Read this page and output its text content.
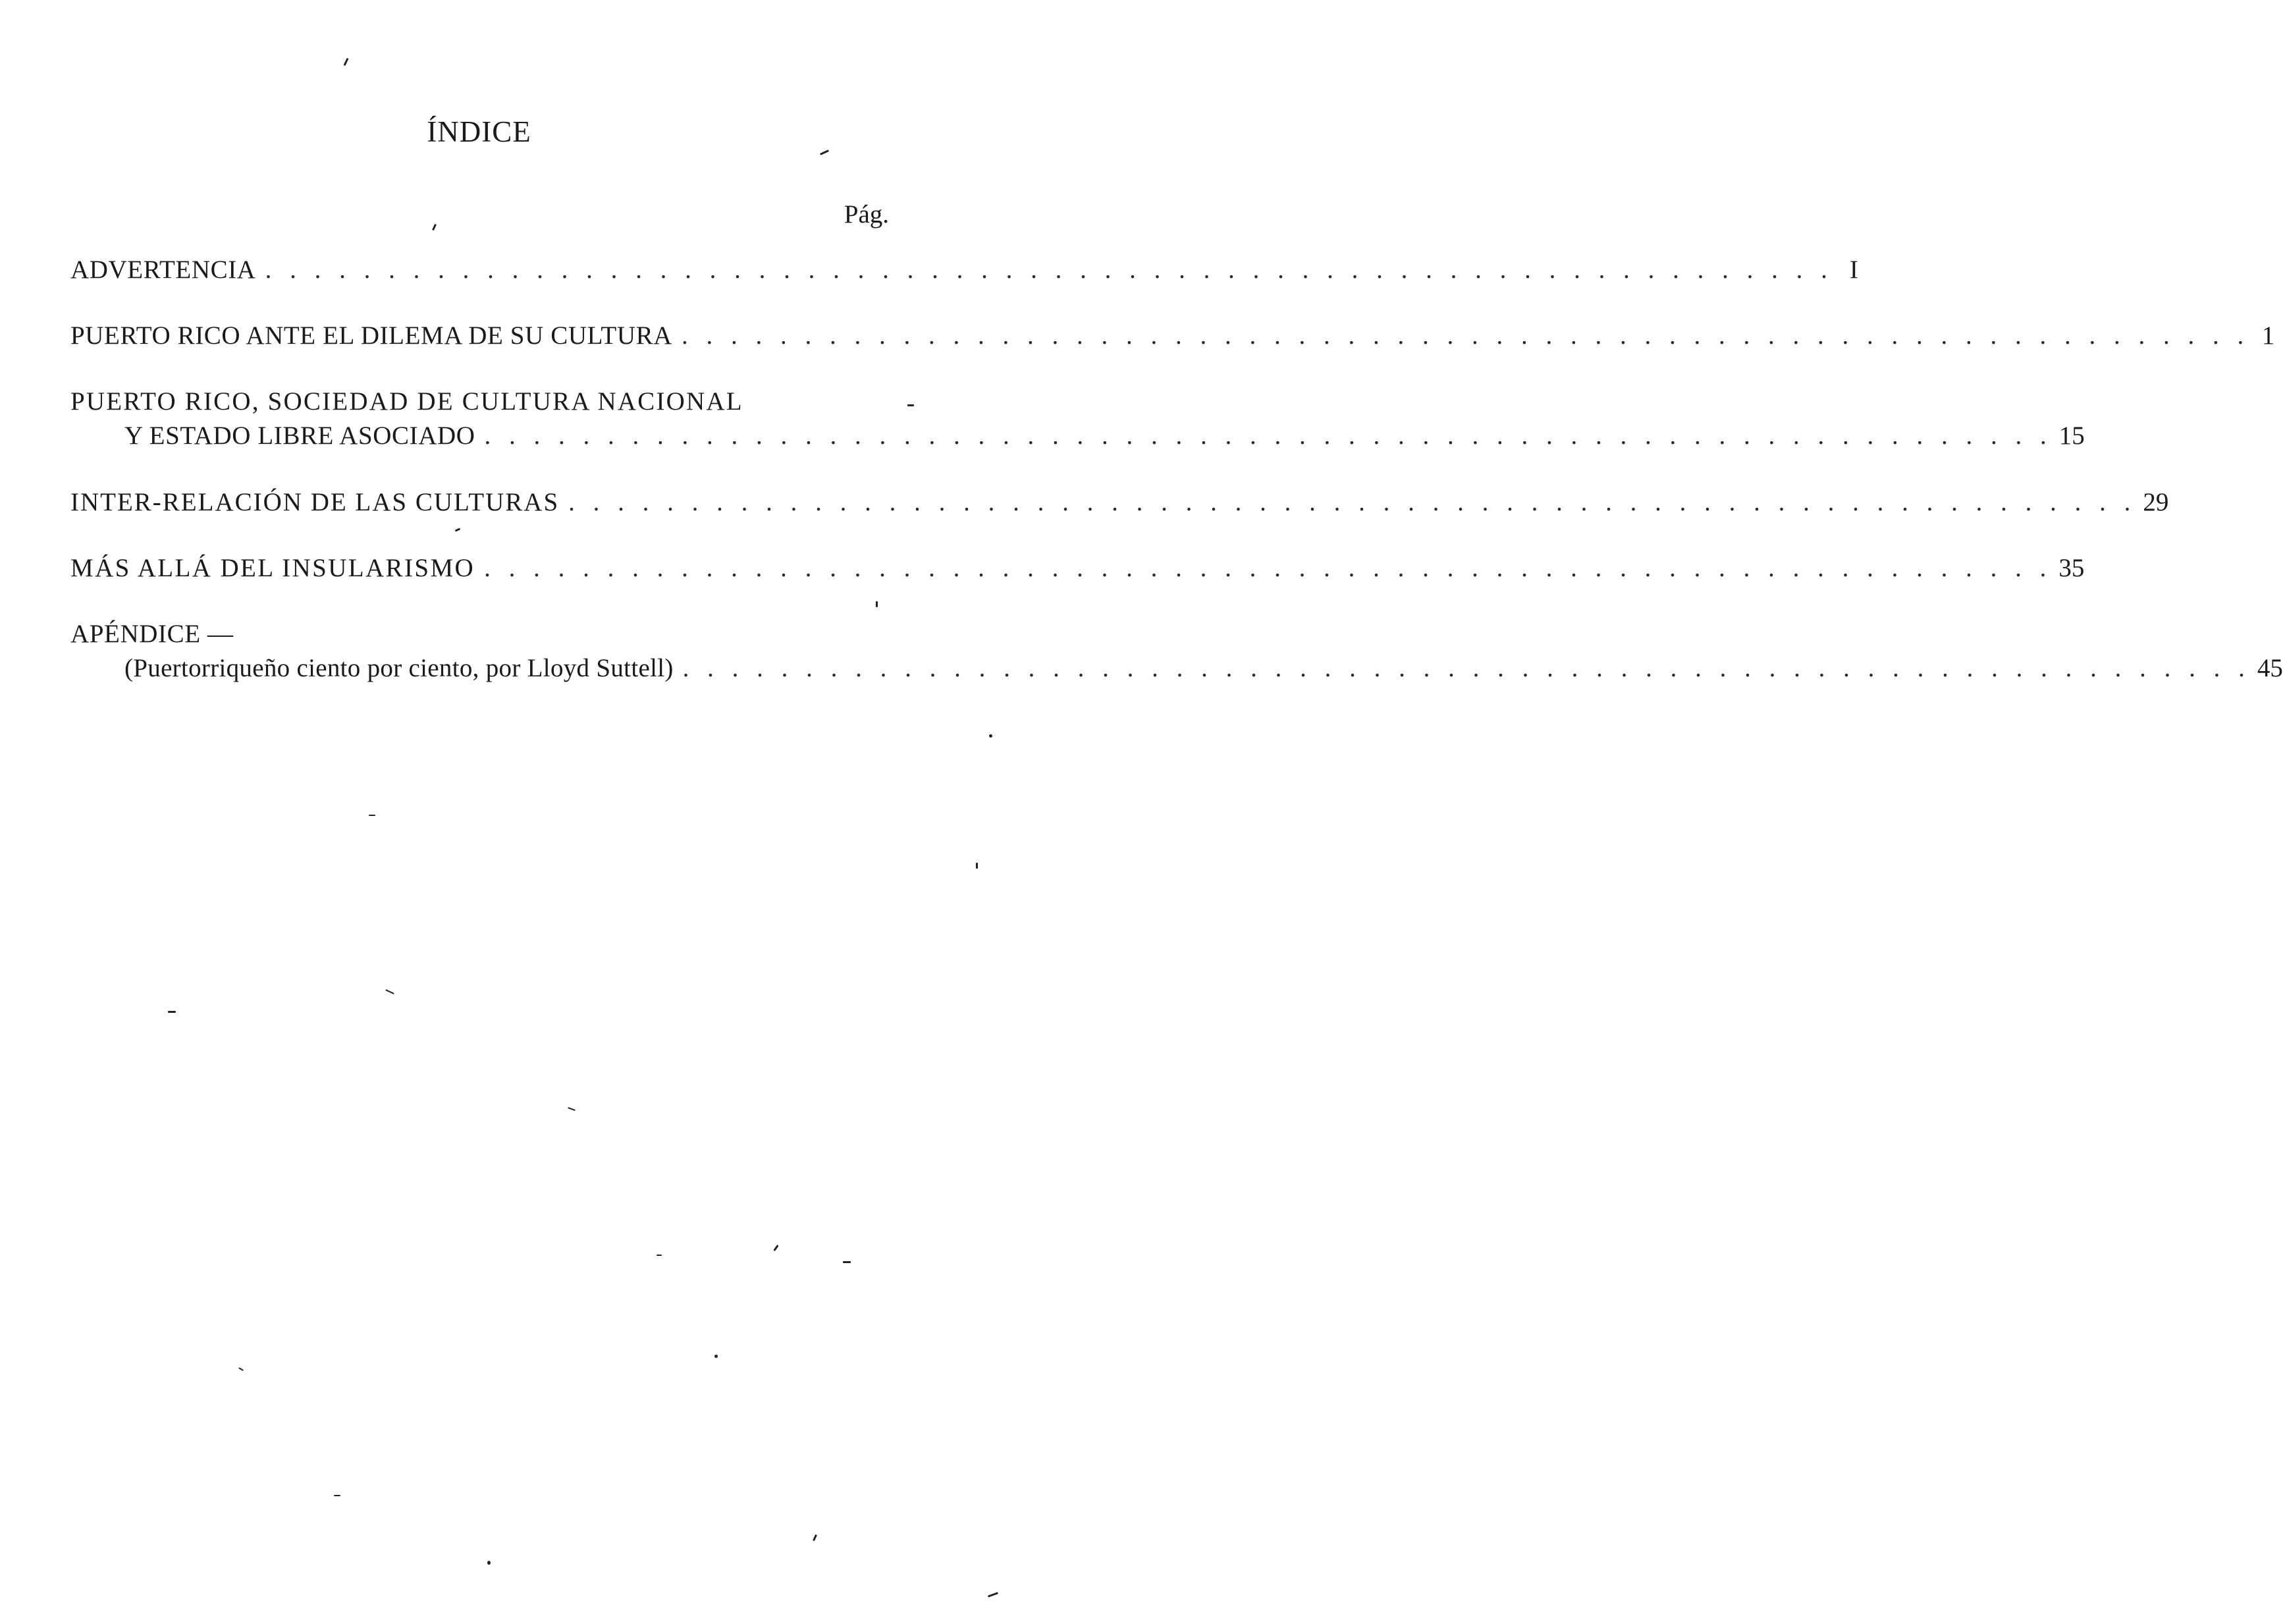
ÍNDICE
Pág.
ADVERTENCIA . . . . . . . . . . . . . . . . . . . . . . . . . . . . . . . . . . . . . . . . . . . . . . . . . . . . . . . . . . . . . . . . I
PUERTO RICO ANTE EL DILEMA DE SU CULTURA . . . . . . . . . . . . . . . . . . . . . . . . . . . . . . . . . . . . . . . . . . . . . . . . . . . . . . . . . . . . . . . . 1
PUERTO RICO, SOCIEDAD DE CULTURA NACIONAL
Y ESTADO LIBRE ASOCIADO . . . . . . . . . . . . . . . . . . . . . . . . . . . . . . . . . . . . . . . . . . . . . . . . . . . . . . . . . . . . . . . . 15
INTER-RELACIÓN DE LAS CULTURAS . . . . . . . . . . . . . . . . . . . . . . . . . . . . . . . . . . . . . . . . . . . . . . . . . . . . . . . . . . . . . . . . 29
MÁS ALLÁ DEL INSULARISMO . . . . . . . . . . . . . . . . . . . . . . . . . . . . . . . . . . . . . . . . . . . . . . . . . . . . . . . . . . . . . . . . 35
APÉNDICE —
(Puertorriqueño ciento por ciento, por Lloyd Suttell) . . . . . . . . . . . . . . . . . . . . . . . . . . . . . . . . . . . . . . . . . . . . . . . . . . . . . . . . . . . . . . . . 45
